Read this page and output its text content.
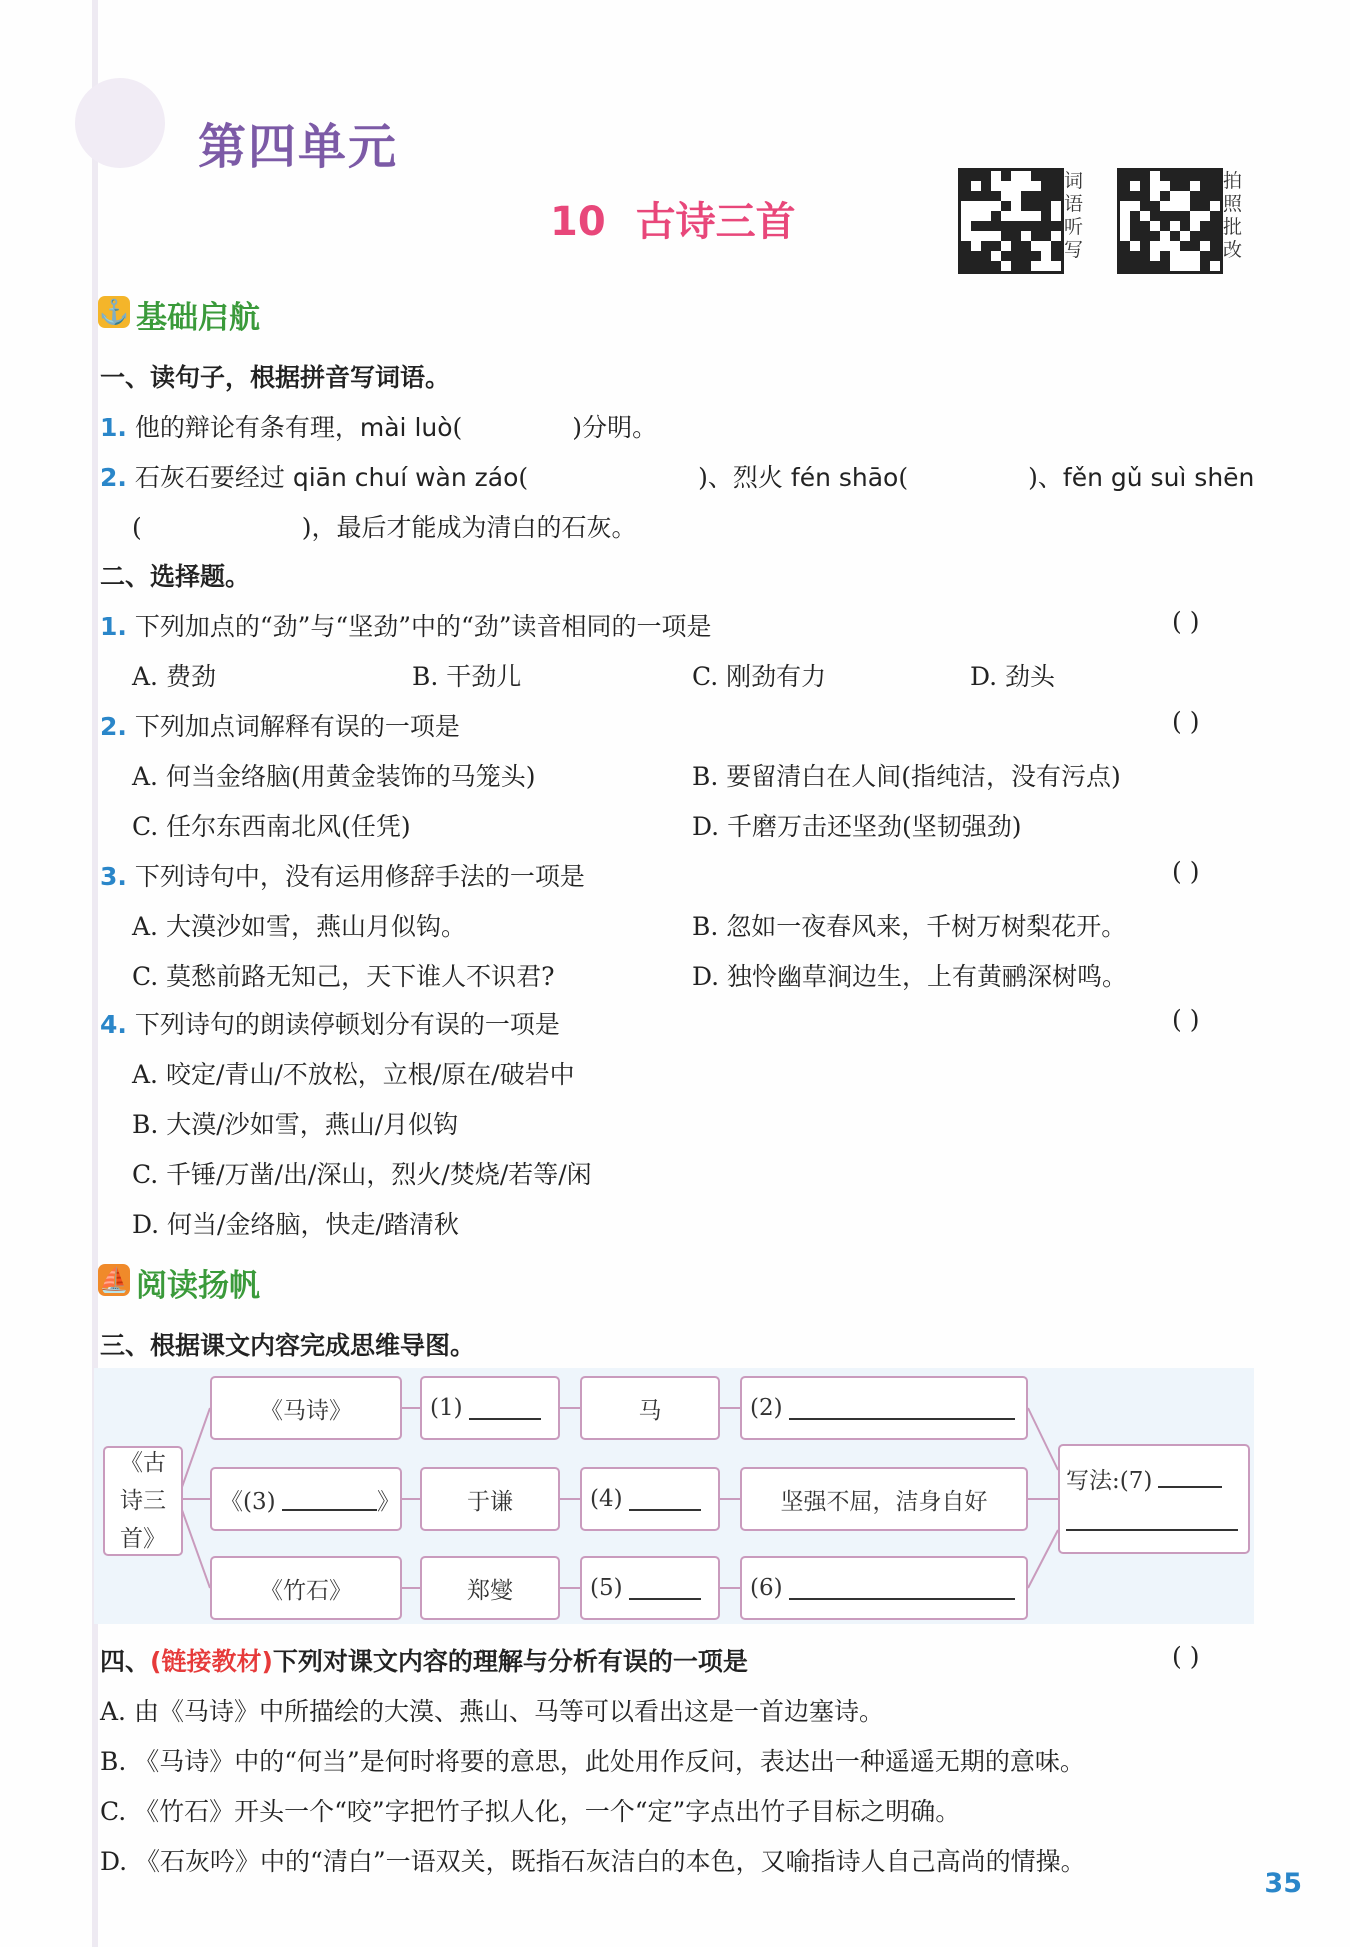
第四单元
10 古诗三首
词
语
听
写
拍
照
批
改
⚓ 基础启航
一、读句子，根据拼音写词语。
1. 他的辩论有条有理，mài luò(	)分明。
2. 石灰石要经过 qiān chuí wàn záo(	)、烈火 fén shāo(	)、fěn gǔ suì shēn
(	)，最后才能成为清白的石灰。
二、选择题。
1. 下列加点的“劲”与“坚劲”中的“劲”读音相同的一项是	( )
A. 费劲	B. 干劲儿	C. 刚劲有力	D. 劲头
2. 下列加点词解释有误的一项是	( )
A. 何当金络脑(用黄金装饰的马笼头)	B. 要留清白在人间(指纯洁，没有污点)
C. 任尔东西南北风(任凭)	D. 千磨万击还坚劲(坚韧强劲)
3. 下列诗句中，没有运用修辞手法的一项是	( )
A. 大漠沙如雪，燕山月似钩。	B. 忽如一夜春风来，千树万树梨花开。
C. 莫愁前路无知己，天下谁人不识君?	D. 独怜幽草涧边生，上有黄鹂深树鸣。
4. 下列诗句的朗读停顿划分有误的一项是	( )
A. 咬定/青山/不放松，立根/原在/破岩中
B. 大漠/沙如雪，燕山/月似钩
C. 千锤/万凿/出/深山，烈火/焚烧/若等/闲
D. 何当/金络脑，快走/踏清秋
⛵ 阅读扬帆
三、根据课文内容完成思维导图。
《古诗三首》
《马诗》	(1)	马	(2)
《(3)	》	于谦	(4)	坚强不屈，洁身自好
《竹石》	郑燮	(5)	(6)
写法:(7)
四、(链接教材)下列对课文内容的理解与分析有误的一项是	( )
A. 由《马诗》中所描绘的大漠、燕山、马等可以看出这是一首边塞诗。
B. 《马诗》中的“何当”是何时将要的意思，此处用作反问，表达出一种遥遥无期的意味。
C. 《竹石》开头一个“咬”字把竹子拟人化，一个“定”字点出竹子目标之明确。
D. 《石灰吟》中的“清白”一语双关，既指石灰洁白的本色，又喻指诗人自己高尚的情操。
35
